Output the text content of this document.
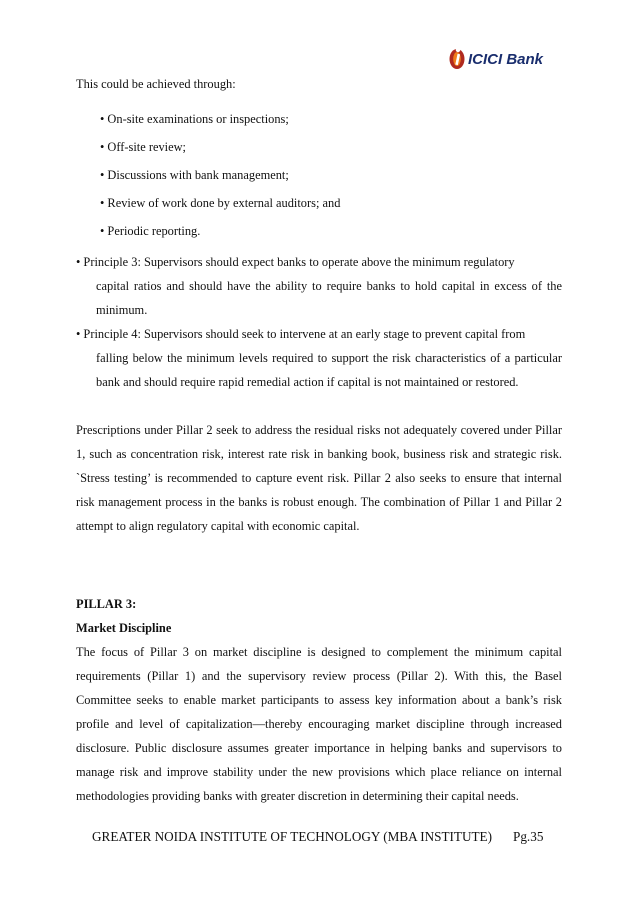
ICICI Bank
This could be achieved through:
• On-site examinations or inspections;
• Off-site review;
• Discussions with bank management;
• Review of work done by external auditors; and
• Periodic reporting.
• Principle 3: Supervisors should expect banks to operate above the minimum regulatory
capital ratios and should have the ability to require banks to hold capital in excess of the minimum.
• Principle 4: Supervisors should seek to intervene at an early stage to prevent capital from
falling below the minimum levels required to support the risk characteristics of a particular bank and should require rapid remedial action if capital is not maintained or restored.
Prescriptions under Pillar 2 seek to address the residual risks not adequately covered under Pillar 1, such as concentration risk, interest rate risk in banking book, business risk and strategic risk. `Stress testing’ is recommended to capture event risk. Pillar 2 also seeks to ensure that internal risk management process in the banks is robust enough. The combination of Pillar 1 and Pillar 2 attempt to align regulatory capital with economic capital.
PILLAR 3:
Market Discipline
The focus of Pillar 3 on market discipline is designed to complement the minimum capital requirements (Pillar 1) and the supervisory review process (Pillar 2). With this, the Basel Committee seeks to enable market participants to assess key information about a bank’s risk profile and level of capitalization—thereby encouraging market discipline through increased disclosure. Public disclosure assumes greater importance in helping banks and supervisors to manage risk and improve stability under the new provisions which place reliance on internal methodologies providing banks with greater discretion in determining their capital needs.
GREATER NOIDA INSTITUTE OF TECHNOLOGY (MBA INSTITUTE) Pg.35
